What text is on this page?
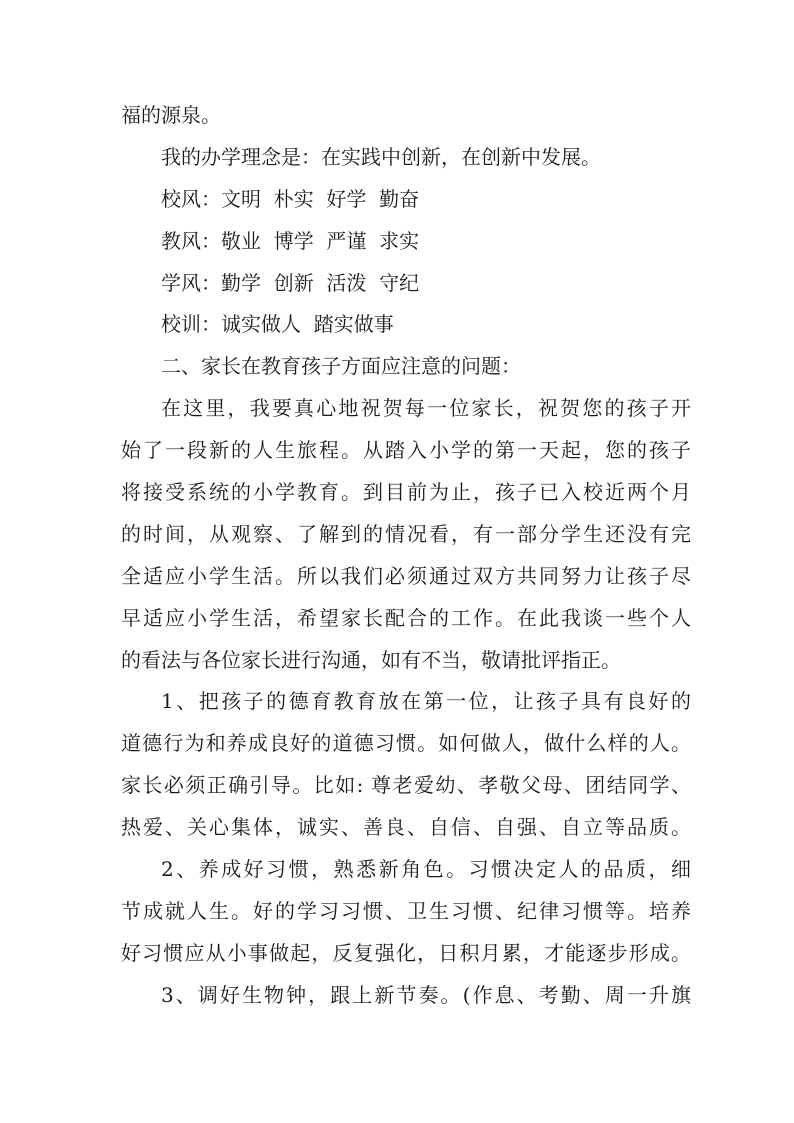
福的源泉。
我的办学理念是：在实践中创新，在创新中发展。
校风：文明  朴实  好学  勤奋
教风：敬业  博学  严谨  求实
学风：勤学  创新  活泼  守纪
校训：诚实做人  踏实做事
二、家长在教育孩子方面应注意的问题：
在这里，我要真心地祝贺每一位家长，祝贺您的孩子开
始了一段新的人生旅程。从踏入小学的第一天起，您的孩子
将接受系统的小学教育。到目前为止，孩子已入校近两个月
的时间，从观察、了解到的情况看，有一部分学生还没有完
全适应小学生活。所以我们必须通过双方共同努力让孩子尽
早适应小学生活，希望家长配合的工作。在此我谈一些个人
的看法与各位家长进行沟通，如有不当，敬请批评指正。
1、把孩子的德育教育放在第一位，让孩子具有良好的
道德行为和养成良好的道德习惯。如何做人，做什么样的人。
家长必须正确引导。比如: 尊老爱幼、孝敬父母、团结同学、
热爱、关心集体，诚实、善良、自信、自强、自立等品质。
2、养成好习惯，熟悉新角色。习惯决定人的品质，细
节成就人生。好的学习习惯、卫生习惯、纪律习惯等。培养
好习惯应从小事做起，反复强化，日积月累，才能逐步形成。
3、调好生物钟，跟上新节奏。(作息、考勤、周一升旗
